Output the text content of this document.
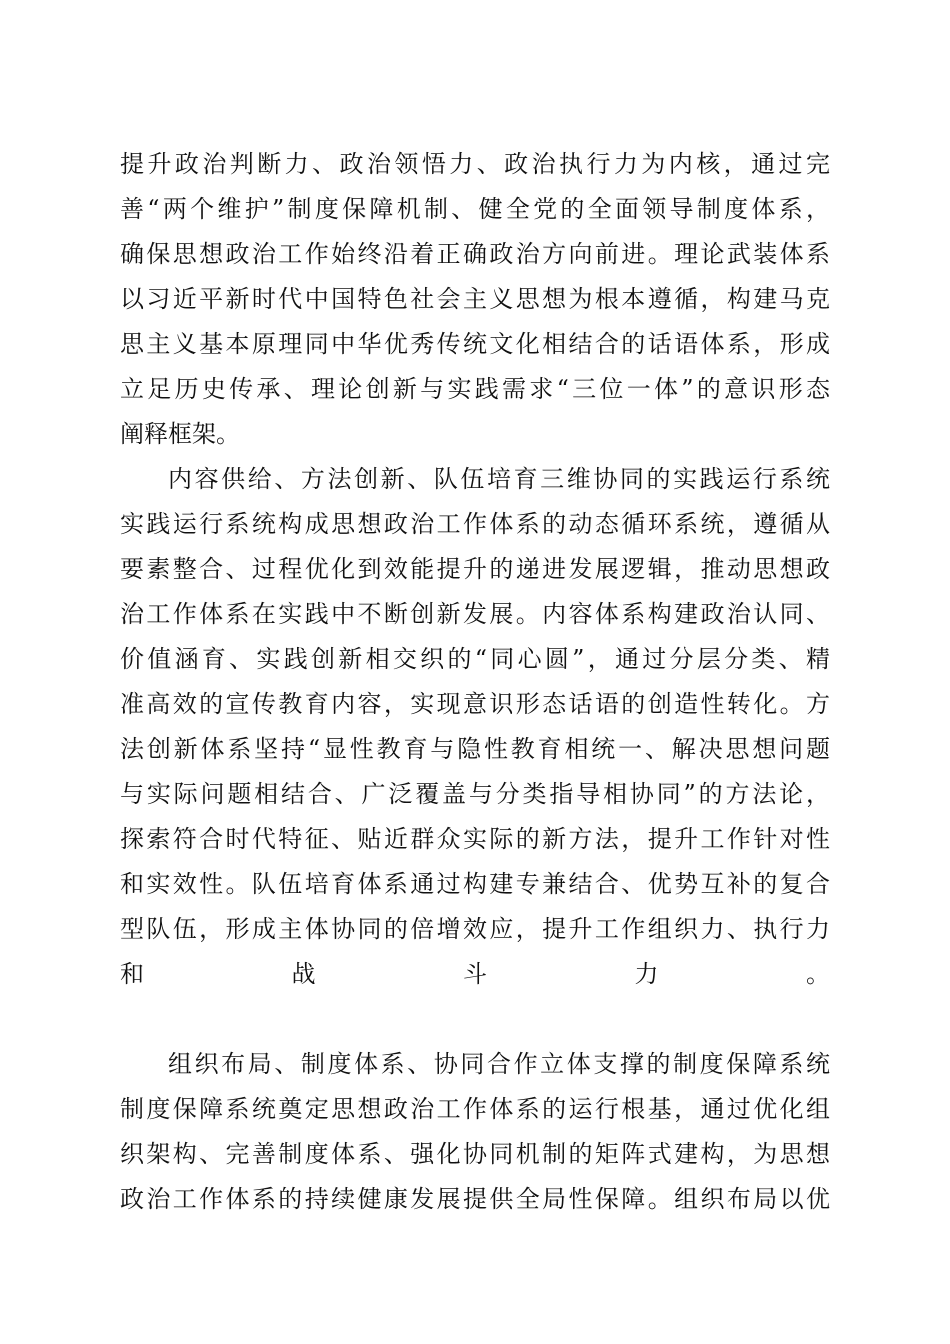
提升政治判断力、政治领悟力、政治执行力为内核，通过完
善“两个维护”制度保障机制、健全党的全面领导制度体系，
确保思想政治工作始终沿着正确政治方向前进。理论武装体系
以习近平新时代中国特色社会主义思想为根本遵循，构建马克
思主义基本原理同中华优秀传统文化相结合的话语体系，形成
立足历史传承、理论创新与实践需求“三位一体”的意识形态
阐释框架。
内容供给、方法创新、队伍培育三维协同的实践运行系统
实践运行系统构成思想政治工作体系的动态循环系统，遵循从
要素整合、过程优化到效能提升的递进发展逻辑，推动思想政
治工作体系在实践中不断创新发展。内容体系构建政治认同、
价值涵育、实践创新相交织的“同心圆”，通过分层分类、精
准高效的宣传教育内容，实现意识形态话语的创造性转化。方
法创新体系坚持“显性教育与隐性教育相统一、解决思想问题
与实际问题相结合、广泛覆盖与分类指导相协同”的方法论，
探索符合时代特征、贴近群众实际的新方法，提升工作针对性
和实效性。队伍培育体系通过构建专兼结合、优势互补的复合
型队伍，形成主体协同的倍增效应，提升工作组织力、执行力
和战斗力。
组织布局、制度体系、协同合作立体支撑的制度保障系统
制度保障系统奠定思想政治工作体系的运行根基，通过优化组
织架构、完善制度体系、强化协同机制的矩阵式建构，为思想
政治工作体系的持续健康发展提供全局性保障。组织布局以优
